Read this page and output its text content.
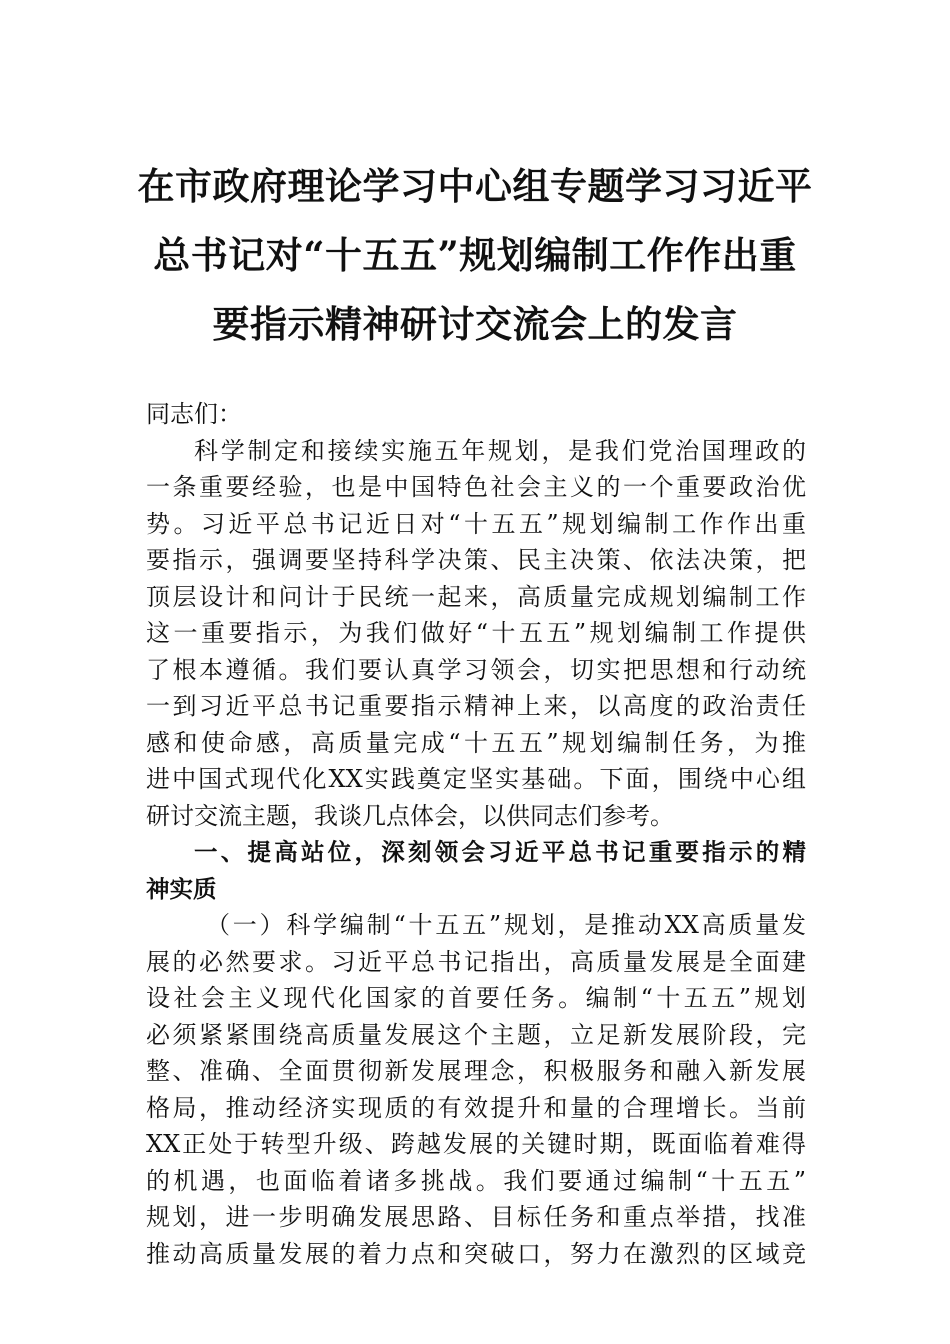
在市政府理论学习中心组专题学习习近平
总书记对“十五五”规划编制工作作出重
要指示精神研讨交流会上的发言
同志们：
科学制定和接续实施五年规划，是我们党治国理政的
一条重要经验，也是中国特色社会主义的一个重要政治优
势。习近平总书记近日对“十五五”规划编制工作作出重
要指示，强调要坚持科学决策、民主决策、依法决策，把
顶层设计和问计于民统一起来，高质量完成规划编制工作
这一重要指示，为我们做好“十五五”规划编制工作提供
了根本遵循。我们要认真学习领会，切实把思想和行动统
一到习近平总书记重要指示精神上来，以高度的政治责任
感和使命感，高质量完成“十五五”规划编制任务，为推
进中国式现代化XX实践奠定坚实基础。下面，围绕中心组
研讨交流主题，我谈几点体会，以供同志们参考。
一、提高站位，深刻领会习近平总书记重要指示的精
神实质
（一）科学编制“十五五”规划，是推动XX高质量发
展的必然要求。习近平总书记指出，高质量发展是全面建
设社会主义现代化国家的首要任务。编制“十五五”规划
必须紧紧围绕高质量发展这个主题，立足新发展阶段，完
整、准确、全面贯彻新发展理念，积极服务和融入新发展
格局，推动经济实现质的有效提升和量的合理增长。当前
XX正处于转型升级、跨越发展的关键时期，既面临着难得
的机遇，也面临着诸多挑战。我们要通过编制“十五五”
规划，进一步明确发展思路、目标任务和重点举措，找准
推动高质量发展的着力点和突破口，努力在激烈的区域竞
